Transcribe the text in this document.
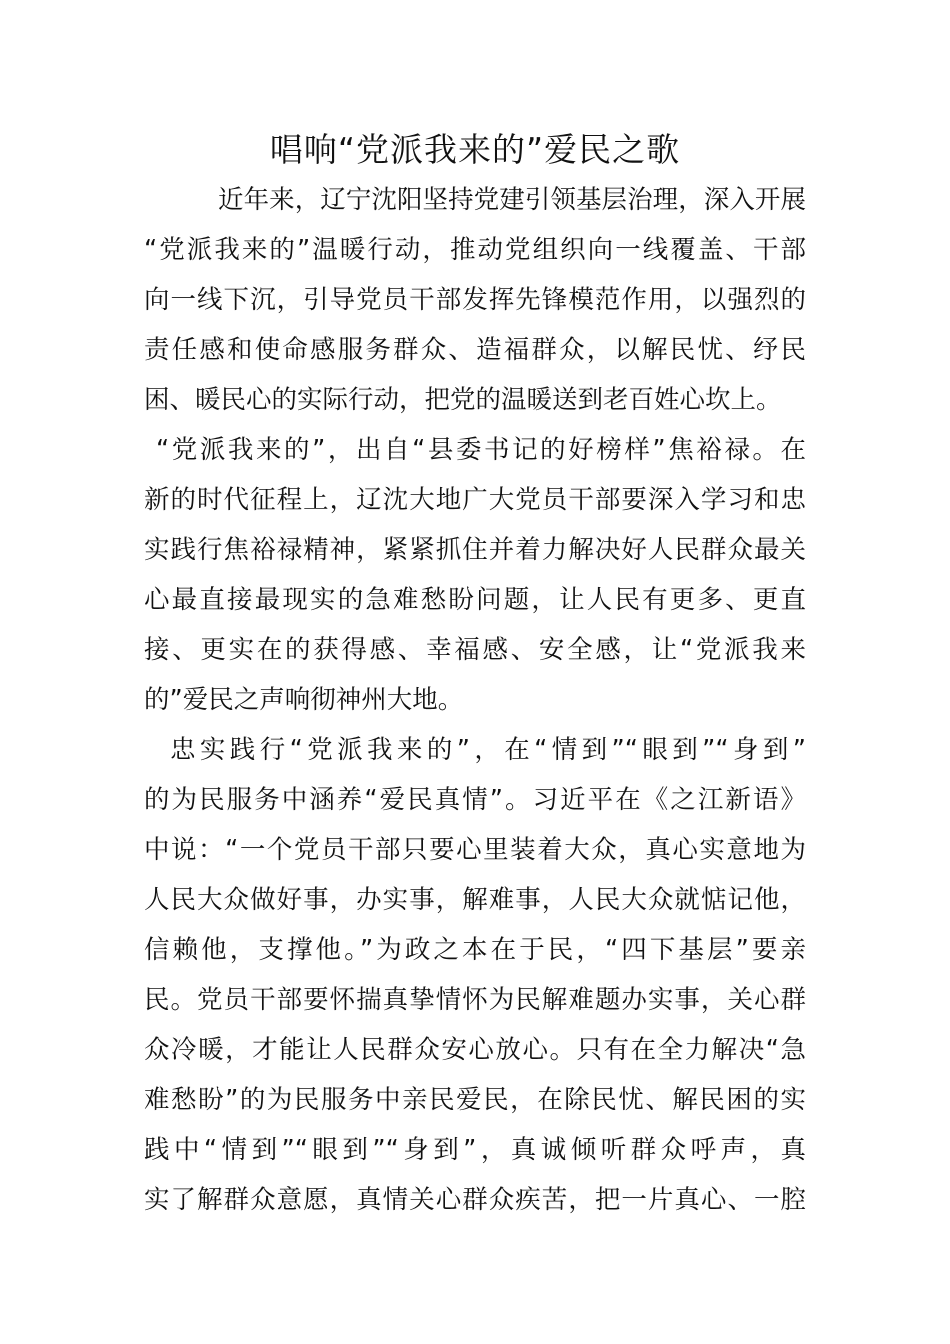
唱响“党派我来的”爱民之歌

近年来，辽宁沈阳坚持党建引领基层治理，深入开展

“党派我来的”温暖行动，推动党组织向一线覆盖、干部

向一线下沉，引导党员干部发挥先锋模范作用，以强烈的

责任感和使命感服务群众、造福群众，以解民忧、纾民

困、暖民心的实际行动，把党的温暖送到老百姓心坎上。

“党派我来的”，出自“县委书记的好榜样”焦裕禄。在

新的时代征程上，辽沈大地广大党员干部要深入学习和忠

实践行焦裕禄精神，紧紧抓住并着力解决好人民群众最关

心最直接最现实的急难愁盼问题，让人民有更多、更直

接、更实在的获得感、幸福感、安全感，让“党派我来

的”爱民之声响彻神州大地。

忠实践行“党派我来的”，在“情到”“眼到”“身到”

的为民服务中涵养“爱民真情”。习近平在《之江新语》

中说：“一个党员干部只要心里装着大众，真心实意地为

人民大众做好事，办实事，解难事，人民大众就惦记他，

信赖他，支撑他。”为政之本在于民，“四下基层”要亲

民。党员干部要怀揣真挚情怀为民解难题办实事，关心群

众冷暖，才能让人民群众安心放心。只有在全力解决“急

难愁盼”的为民服务中亲民爱民，在除民忧、解民困的实

践中“情到”“眼到”“身到”，真诚倾听群众呼声，真

实了解群众意愿，真情关心群众疾苦，把一片真心、一腔
